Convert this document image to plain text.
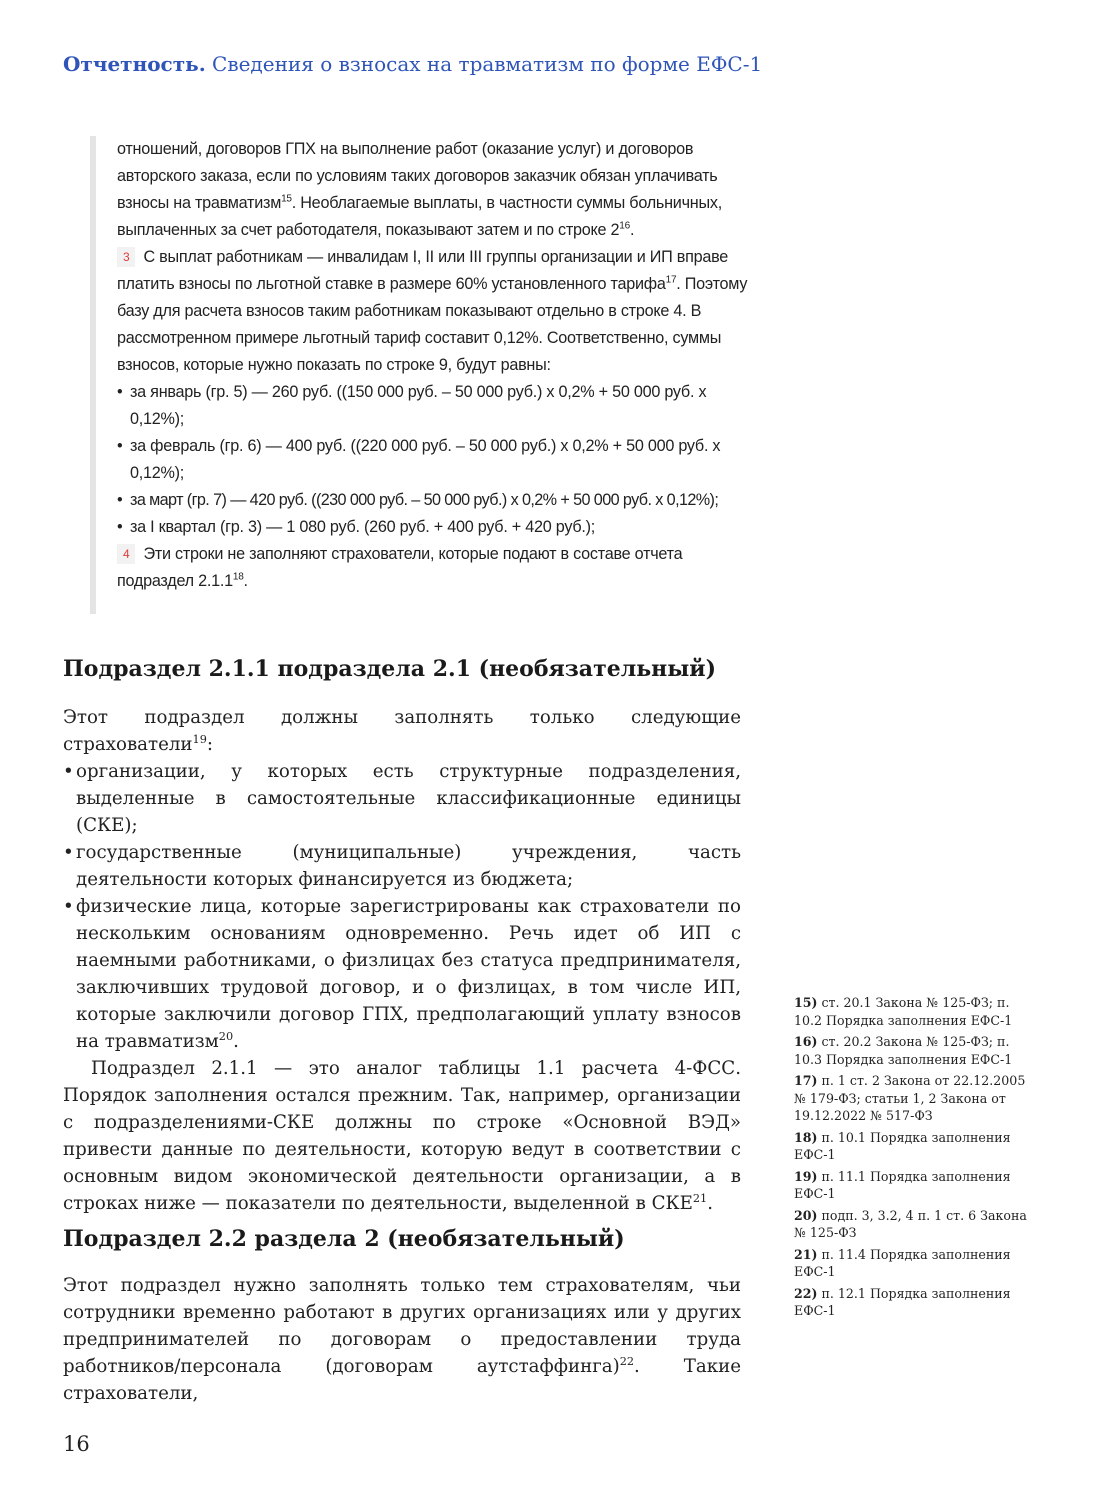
Отчетность. Сведения о взносах на травматизм по форме ЕФС-1

отношений, договоров ГПХ на выполнение работ (оказание услуг) и договоров авторского заказа, если по условиям таких договоров заказчик обязан уплачивать взносы на травматизм$^{15}$. Необлагаемые выплаты, в частности суммы больничных, выплаченных за счет работодателя, показывают затем и по строке $2^{16}$.

3 С выплат работникам — инвалидам I, II или III группы организации и ИП вправе платить взносы по льготной ставке в размере 60% установленного тарифа$^{17}$. Поэтому базу для расчета взносов таким работникам показывают отдельно в строке 4. В рассмотренном примере льготный тариф составит 0,12%. Соответственно, суммы взносов, которые нужно показать по строке 9, будут равны:

• за январь (гр. 5) — 260 руб. ((150 000 руб. – 50 000 руб.) х 0,2% + 50 000 руб. х 0,12%);
• за февраль (гр. 6) — 400 руб. ((220 000 руб. – 50 000 руб.) х 0,2% + 50 000 руб. х 0,12%);
• за март (гр. 7) — 420 руб. ((230 000 руб. – 50 000 руб.) х 0,2% + 50 000 руб. х 0,12%);
• за I квартал (гр. 3) — 1 080 руб. (260 руб. + 400 руб. + 420 руб.);

4 Эти строки не заполняют страхователи, которые подают в составе отчета подраздел 2.1.1$^{18}$.

Подраздел 2.1.1 подраздела 2.1 (необязательный)

Этот подраздел должны заполнять только следующие страхователи$^{19}$:

• организации, у которых есть структурные подразделения, выделенные в самостоятельные классификационные единицы (СКЕ);
• государственные (муниципальные) учреждения, часть деятельности которых финансируется из бюджета;
• физические лица, которые зарегистрированы как страхователи по нескольким основаниям одновременно. Речь идет об ИП с наемными работниками, о физлицах без статуса предпринимателя, заключивших трудовой договор, и о физлицах, в том числе ИП, которые заключили договор ГПХ, предполагающий уплату взносов на травматизм$^{20}$.

Подраздел 2.1.1 — это аналог таблицы 1.1 расчета 4-ФСС. Порядок заполнения остался прежним. Так, например, организации с подразделениями-СКЕ должны по строке «Основной ВЭД» привести данные по деятельности, которую ведут в соответствии с основным видом экономической деятельности организации, а в строках ниже — показатели по деятельности, выделенной в СКЕ$^{21}$.

Подраздел 2.2 раздела 2 (необязательный)

Этот подраздел нужно заполнять только тем страхователям, чьи сотрудники временно работают в других организациях или у других предпринимателей по договорам о предоставлении труда работников/персонала (договорам аутстаффинга)$^{22}$. Такие страхователи,

15) ст. 20.1 Закона № 125-ФЗ; п. 10.2 Порядка заполнения ЕФС-1

16) ст. 20.2 Закона № 125-ФЗ; п. 10.3 Порядка заполнения ЕФС-1

17) п. 1 ст. 2 Закона от 22.12.2005 № 179-ФЗ; статьи 1, 2 Закона от 19.12.2022 № 517-ФЗ

18) п. 10.1 Порядка заполнения ЕФС-1

19) п. 11.1 Порядка заполнения ЕФС-1

20) подп. 3, 3.2, 4 п. 1 ст. 6 Закона № 125-ФЗ

21) п. 11.4 Порядка заполнения ЕФС-1

22) п. 12.1 Порядка заполнения ЕФС-1

16
